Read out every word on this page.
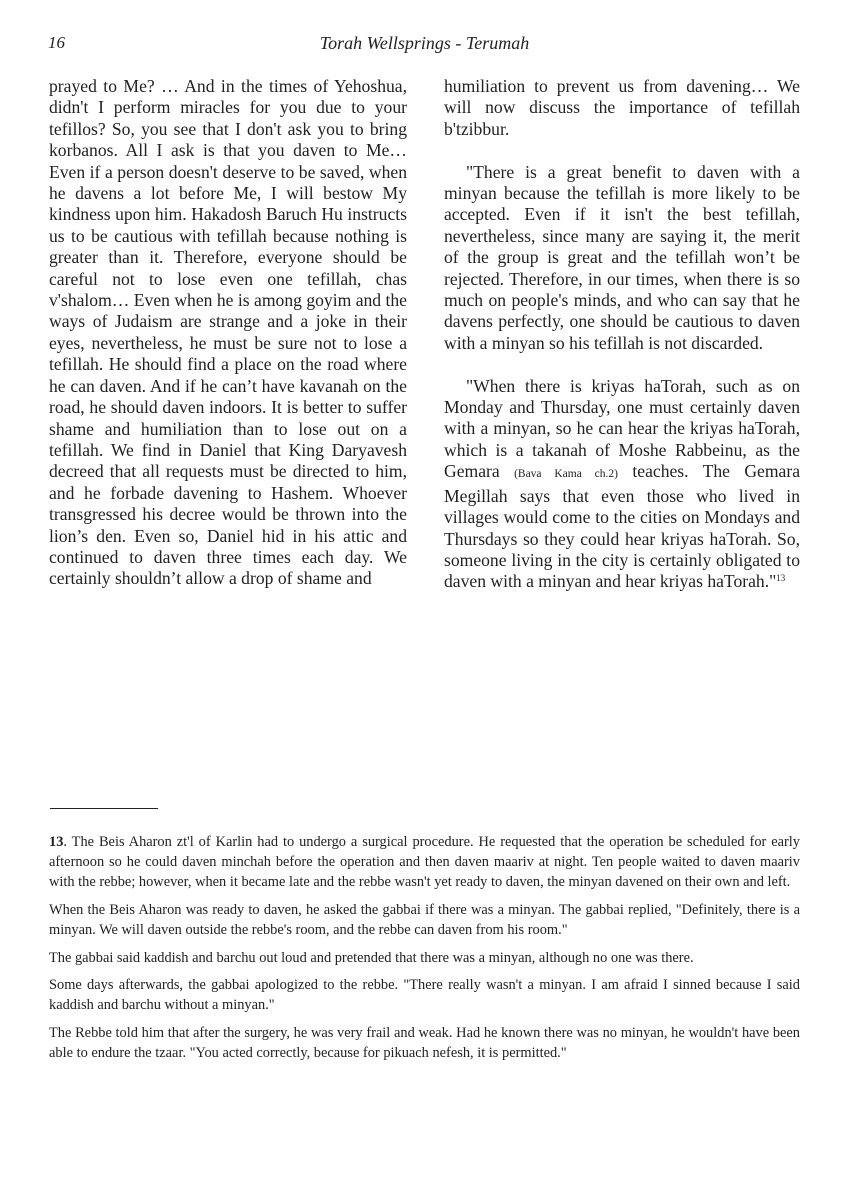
16	Torah Wellsprings - Terumah

prayed to Me? … And in the times of Yehoshua, didn't I perform miracles for you due to your tefillos? So, you see that I don't ask you to bring korbanos. All I ask is that you daven to Me… Even if a person doesn't deserve to be saved, when he davens a lot before Me, I will bestow My kindness upon him. Hakadosh Baruch Hu instructs us to be cautious with tefillah because nothing is greater than it. Therefore, everyone should be careful not to lose even one tefillah, chas v'shalom… Even when he is among goyim and the ways of Judaism are strange and a joke in their eyes, nevertheless, he must be sure not to lose a tefillah. He should find a place on the road where he can daven. And if he can’t have kavanah on the road, he should daven indoors. It is better to suffer shame and humiliation than to lose out on a tefillah. We find in Daniel that King Daryavesh decreed that all requests must be directed to him, and he forbade davening to Hashem. Whoever transgressed his decree would be thrown into the lion’s den. Even so, Daniel hid in his attic and continued to daven three times each day. We certainly shouldn’t allow a drop of shame and

humiliation to prevent us from davening… We will now discuss the importance of tefillah b'tzibbur.

"There is a great benefit to daven with a minyan because the tefillah is more likely to be accepted. Even if it isn't the best tefillah, nevertheless, since many are saying it, the merit of the group is great and the tefillah won’t be rejected. Therefore, in our times, when there is so much on people's minds, and who can say that he davens perfectly, one should be cautious to daven with a minyan so his tefillah is not discarded.

"When there is kriyas haTorah, such as on Monday and Thursday, one must certainly daven with a minyan, so he can hear the kriyas haTorah, which is a takanah of Moshe Rabbeinu, as the Gemara (Bava Kama ch.2) teaches. The Gemara Megillah says that even those who lived in villages would come to the cities on Mondays and Thursdays so they could hear kriyas haTorah. So, someone living in the city is certainly obligated to daven with a minyan and hear kriyas haTorah."$^{13}$

13. The Beis Aharon zt'l of Karlin had to undergo a surgical procedure. He requested that the operation be scheduled for early afternoon so he could daven minchah before the operation and then daven maariv at night. Ten people waited to daven maariv with the rebbe; however, when it became late and the rebbe wasn't yet ready to daven, the minyan davened on their own and left.

When the Beis Aharon was ready to daven, he asked the gabbai if there was a minyan. The gabbai replied, "Definitely, there is a minyan. We will daven outside the rebbe's room, and the rebbe can daven from his room."

The gabbai said kaddish and barchu out loud and pretended that there was a minyan, although no one was there.

Some days afterwards, the gabbai apologized to the rebbe. "There really wasn't a minyan. I am afraid I sinned because I said kaddish and barchu without a minyan."

The Rebbe told him that after the surgery, he was very frail and weak. Had he known there was no minyan, he wouldn't have been able to endure the tzaar. "You acted correctly, because for pikuach nefesh, it is permitted."
